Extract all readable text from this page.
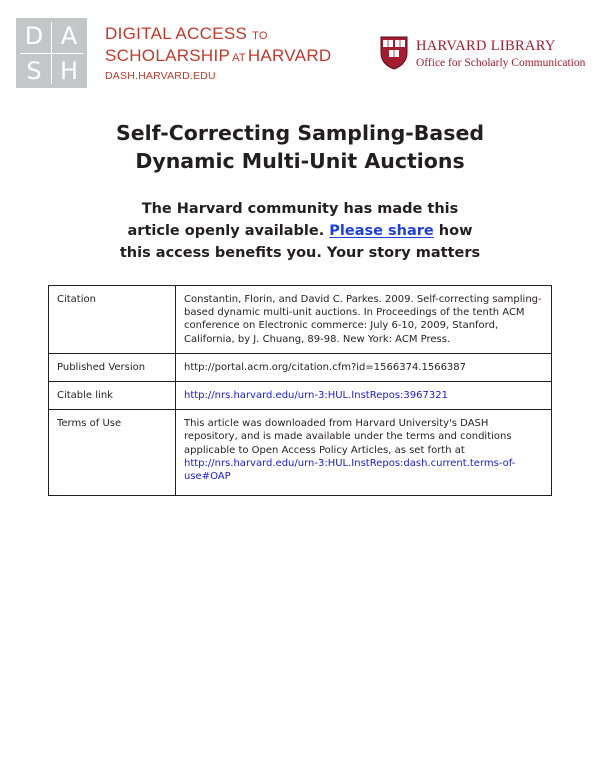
D A
S H
DIGITAL ACCESS TO
SCHOLARSHIP AT HARVARD
DASH.HARVARD.EDU
HARVARD LIBRARY
Office for Scholarly Communication
Self-Correcting Sampling-Based
Dynamic Multi-Unit Auctions
The Harvard community has made this
article openly available. Please share how
this access benefits you. Your story matters
Citation	Constantin, Florin, and David C. Parkes. 2009. Self-correcting sampling-based dynamic multi-unit auctions. In Proceedings of the tenth ACM conference on Electronic commerce: July 6-10, 2009, Stanford, California, by J. Chuang, 89-98. New York: ACM Press.
Published Version	http://portal.acm.org/citation.cfm?id=1566374.1566387
Citable link	http://nrs.harvard.edu/urn-3:HUL.InstRepos:3967321
Terms of Use	This article was downloaded from Harvard University's DASH repository, and is made available under the terms and conditions applicable to Open Access Policy Articles, as set forth at http://nrs.harvard.edu/urn-3:HUL.InstRepos:dash.current.terms-of-use#OAP
